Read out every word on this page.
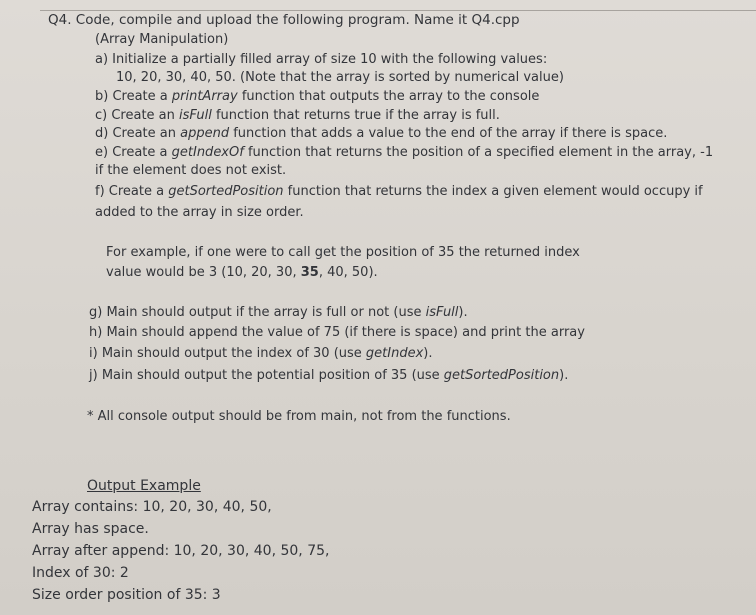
Q4. Code, compile and upload the following program. Name it Q4.cpp
(Array Manipulation)
a) Initialize a partially filled array of size 10 with the following values:
10, 20, 30, 40, 50. (Note that the array is sorted by numerical value)
b) Create a printArray function that outputs the array to the console
c) Create an isFull function that returns true if the array is full.
d) Create an append function that adds a value to the end of the array if there is space.
e) Create a getIndexOf function that returns the position of a specified element in the array, -1
if the element does not exist.
f) Create a getSortedPosition function that returns the index a given element would occupy if
added to the array in size order.
For example, if one were to call get the position of 35 the returned index
value would be 3 (10, 20, 30, 35, 40, 50).
g) Main should output if the array is full or not (use isFull).
h) Main should append the value of 75 (if there is space) and print the array
i) Main should output the index of 30 (use getIndex).
j) Main should output the potential position of 35 (use getSortedPosition).
* All console output should be from main, not from the functions.
Output Example
Array contains: 10, 20, 30, 40, 50,
Array has space.
Array after append: 10, 20, 30, 40, 50, 75,
Index of 30: 2
Size order position of 35: 3
